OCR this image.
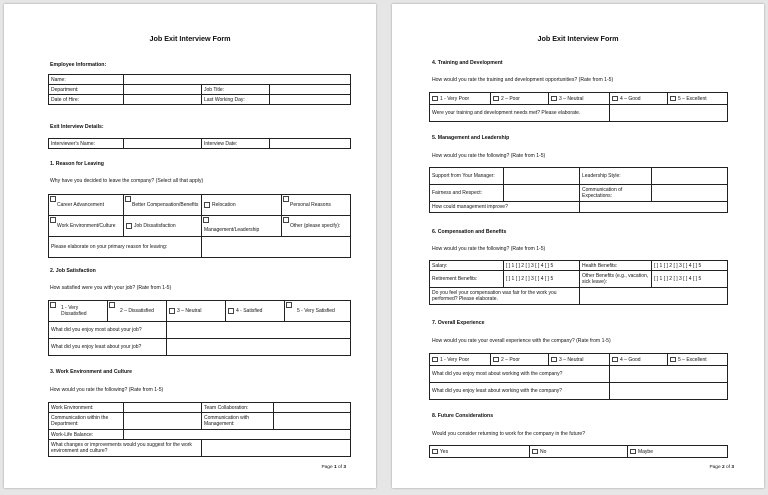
Job Exit Interview Form
Employee Information:
Name:			
Department:		Job Title:	
Date of Hire:		Last Working Day:	
Exit Interview Details:
Interviewer's Name:		Interview Date:	
1. Reason for Leaving
Why have you decided to leave the company? (Select all that apply)
Career Advancement	Better Compensation/Benefits	Relocation	Personal Reasons

Work Environment/Culture	Job Dissatisfaction	Management/Leadership	Other (please specify):

Please elaborate on your primary reason for leaving:			
2. Job Satisfaction
How satisfied were you with your job? (Rate from 1-5)
1 - Very Dissatisfied	2 – Dissatisfied	3 – Neutral	4 - Satisfied	5 - Very Satisfied

What did you enjoy most about your job?				
What did you enjoy least about your job?				
3. Work Environment and Culture
How would you rate the following? (Rate from 1-5)
Work Environment:		Team Collaboration:	
Communication within the Department:		Communication with Management:	
Work-Life Balance:			
What changes or improvements would you suggest for the work environment and culture?			
Page 1 of 3
Job Exit Interview Form
4. Training and Development
How would you rate the training and development opportunities? (Rate from 1-5)
1 - Very Poor	2 – Poor	3 – Neutral	4 – Good	5 – Excellent
Were your training and development needs met? Please elaborate.				
5. Management and Leadership
How would you rate the following? (Rate from 1-5)
Support from Your Manager:		Leadership Style:	
Fairness and Respect:		Communication of Expectations:	
How could management improve?			
6. Compensation and Benefits
How would you rate the following? (Rate from 1-5)
Salary:	[ ] 1 [ ] 2 [ ] 3 [ ] 4 [ ] 5	Health Benefits:	[ ] 1 [ ] 2 [ ] 3 [ ] 4 [ ] 5
Retirement Benefits:	[ ] 1 [ ] 2 [ ] 3 [ ] 4 [ ] 5	Other Benefits (e.g., vacation, sick leave):	[ ] 1 [ ] 2 [ ] 3 [ ] 4 [ ] 5
Do you feel your compensation was fair for the work you performed? Please elaborate.			
7. Overall Experience
How would you rate your overall experience with the company? (Rate from 1-5)
1 - Very Poor	2 – Poor	3 – Neutral	4 – Good	5 – Excellent
What did you enjoy most about working with the company?				
What did you enjoy least about working with the company?				
8. Future Considerations
Would you consider returning to work for the company in the future?
Yes	No	Maybe
Page 2 of 3
